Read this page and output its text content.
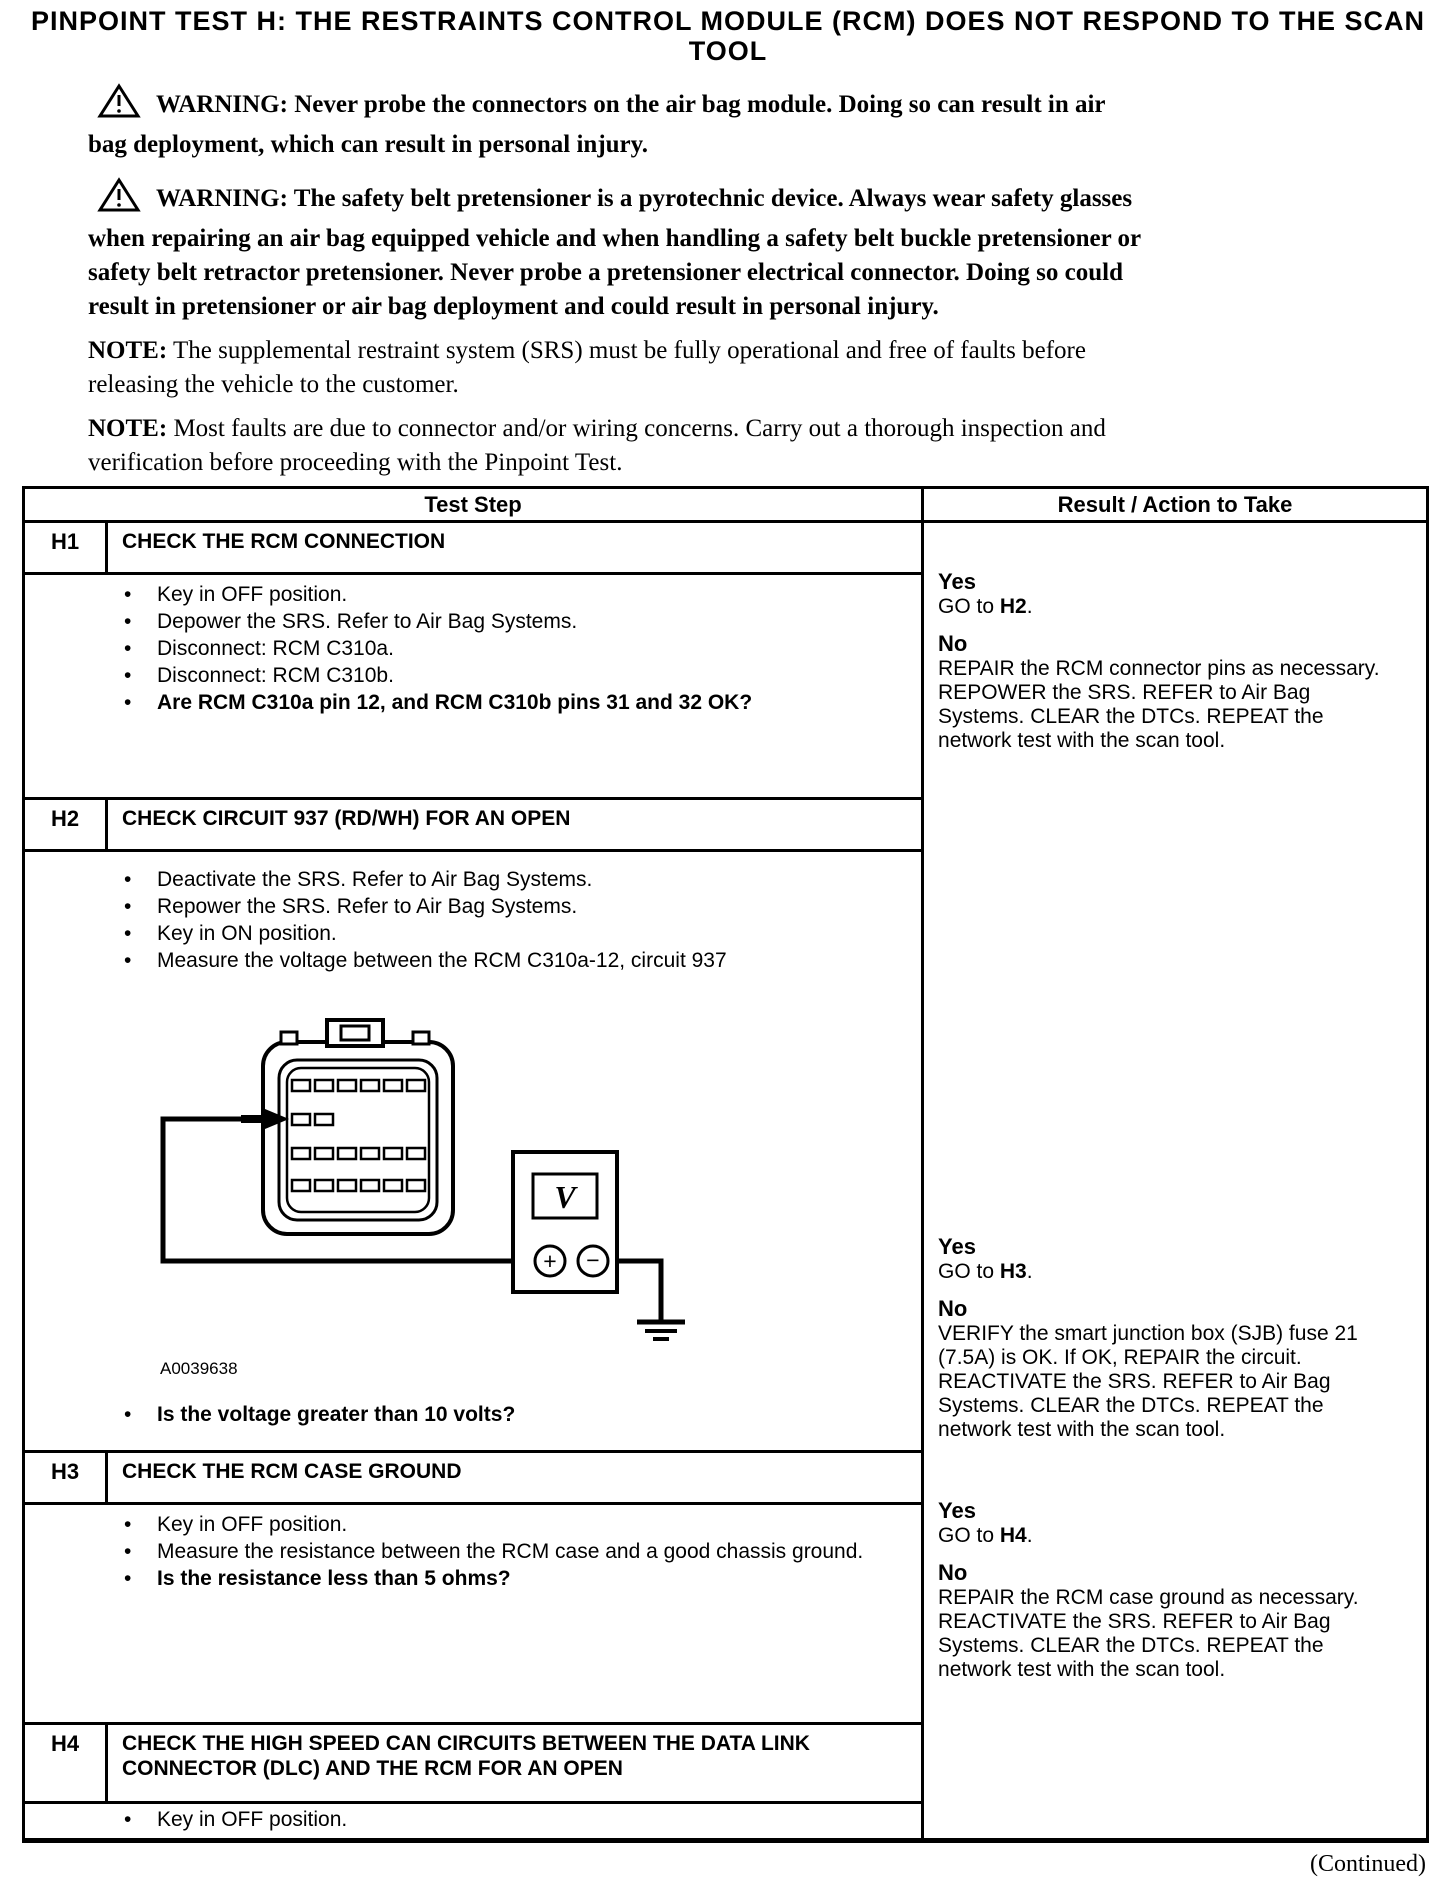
PINPOINT TEST H: THE RESTRAINTS CONTROL MODULE (RCM) DOES NOT RESPOND TO THE SCAN
TOOL

WARNING: Never probe the connectors on the air bag module. Doing so can result in air bag deployment, which can result in personal injury.

WARNING: The safety belt pretensioner is a pyrotechnic device. Always wear safety glasses when repairing an air bag equipped vehicle and when handling a safety belt buckle pretensioner or safety belt retractor pretensioner. Never probe a pretensioner electrical connector. Doing so could result in pretensioner or air bag deployment and could result in personal injury.

NOTE: The supplemental restraint system (SRS) must be fully operational and free of faults before releasing the vehicle to the customer.

NOTE: Most faults are due to connector and/or wiring concerns. Carry out a thorough inspection and verification before proceeding with the Pinpoint Test.

Test Step		Result / Action to Take
H1	CHECK THE RCM CONNECTION	Yes
GO to H2.
No
REPAIR the RCM connector pins as necessary. REPOWER the SRS. REFER to Air Bag Systems. CLEAR the DTCs. REPEAT the network test with the scan tool.

• Key in OFF position.
• Depower the SRS. Refer to Air Bag Systems.
• Disconnect: RCM C310a.
• Disconnect: RCM C310b.
• Are RCM C310a pin 12, and RCM C310b pins 31 and 32 OK?

H2	CHECK CIRCUIT 937 (RD/WH) FOR AN OPEN	Yes
GO to H3.
No
VERIFY the smart junction box (SJB) fuse 21 (7.5A) is OK. If OK, REPAIR the circuit. REACTIVATE the SRS. REFER to Air Bag Systems. CLEAR the DTCs. REPEAT the network test with the scan tool.

• Deactivate the SRS. Refer to Air Bag Systems.
• Repower the SRS. Refer to Air Bag Systems.
• Key in ON position.
• Measure the voltage between the RCM C310a-12, circuit 937
V
+ −
A0039638
• Is the voltage greater than 10 volts?

H3	CHECK THE RCM CASE GROUND	Yes
GO to H4.
No
REPAIR the RCM case ground as necessary. REACTIVATE the SRS. REFER to Air Bag Systems. CLEAR the DTCs. REPEAT the network test with the scan tool.

• Key in OFF position.
• Measure the resistance between the RCM case and a good chassis ground.
• Is the resistance less than 5 ohms?

H4	CHECK THE HIGH SPEED CAN CIRCUITS BETWEEN THE DATA LINK CONNECTOR (DLC) AND THE RCM FOR AN OPEN	

• Key in OFF position.
(Continued)
